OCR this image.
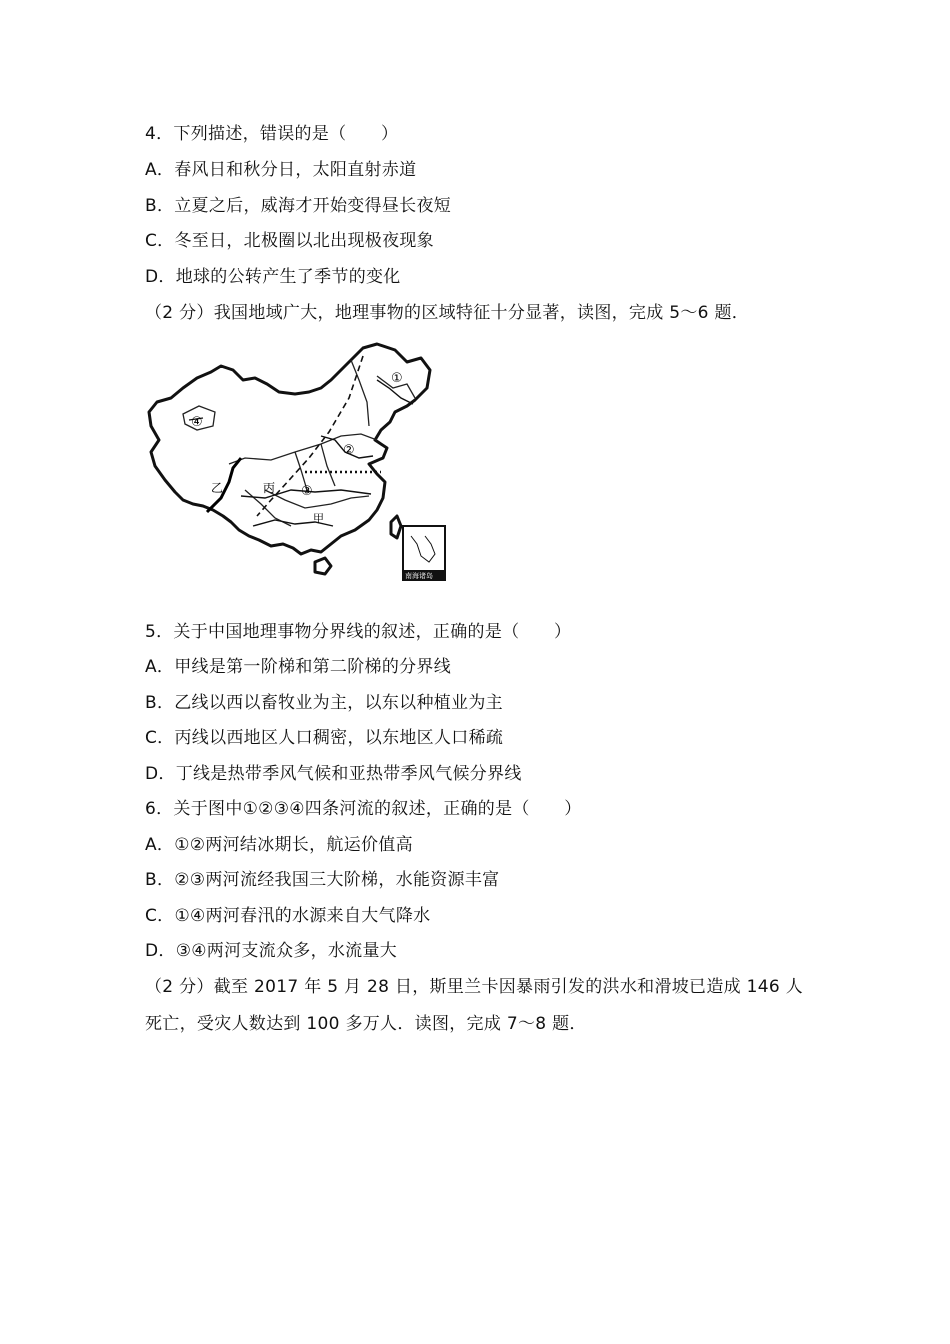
4．下列描述，错误的是（　　）
A．春风日和秋分日，太阳直射赤道
B．立夏之后，威海才开始变得昼长夜短
C．冬至日，北极圈以北出现极夜现象
D．地球的公转产生了季节的变化
（2 分）我国地域广大，地理事物的区域特征十分显著，读图，完成 5～6 题．
①
②
③
④
乙	丙
甲
南海诸岛
5．关于中国地理事物分界线的叙述，正确的是（　　）
A．甲线是第一阶梯和第二阶梯的分界线
B．乙线以西以畜牧业为主，以东以种植业为主
C．丙线以西地区人口稠密，以东地区人口稀疏
D．丁线是热带季风气候和亚热带季风气候分界线
6．关于图中①②③④四条河流的叙述，正确的是（　　）
A．①②两河结冰期长，航运价值高
B．②③两河流经我国三大阶梯，水能资源丰富
C．①④两河春汛的水源来自大气降水
D．③④两河支流众多，水流量大
（2 分）截至 2017 年 5 月 28 日，斯里兰卡因暴雨引发的洪水和滑坡已造成 146 人
死亡，受灾人数达到 100 多万人．读图，完成 7～8 题．
